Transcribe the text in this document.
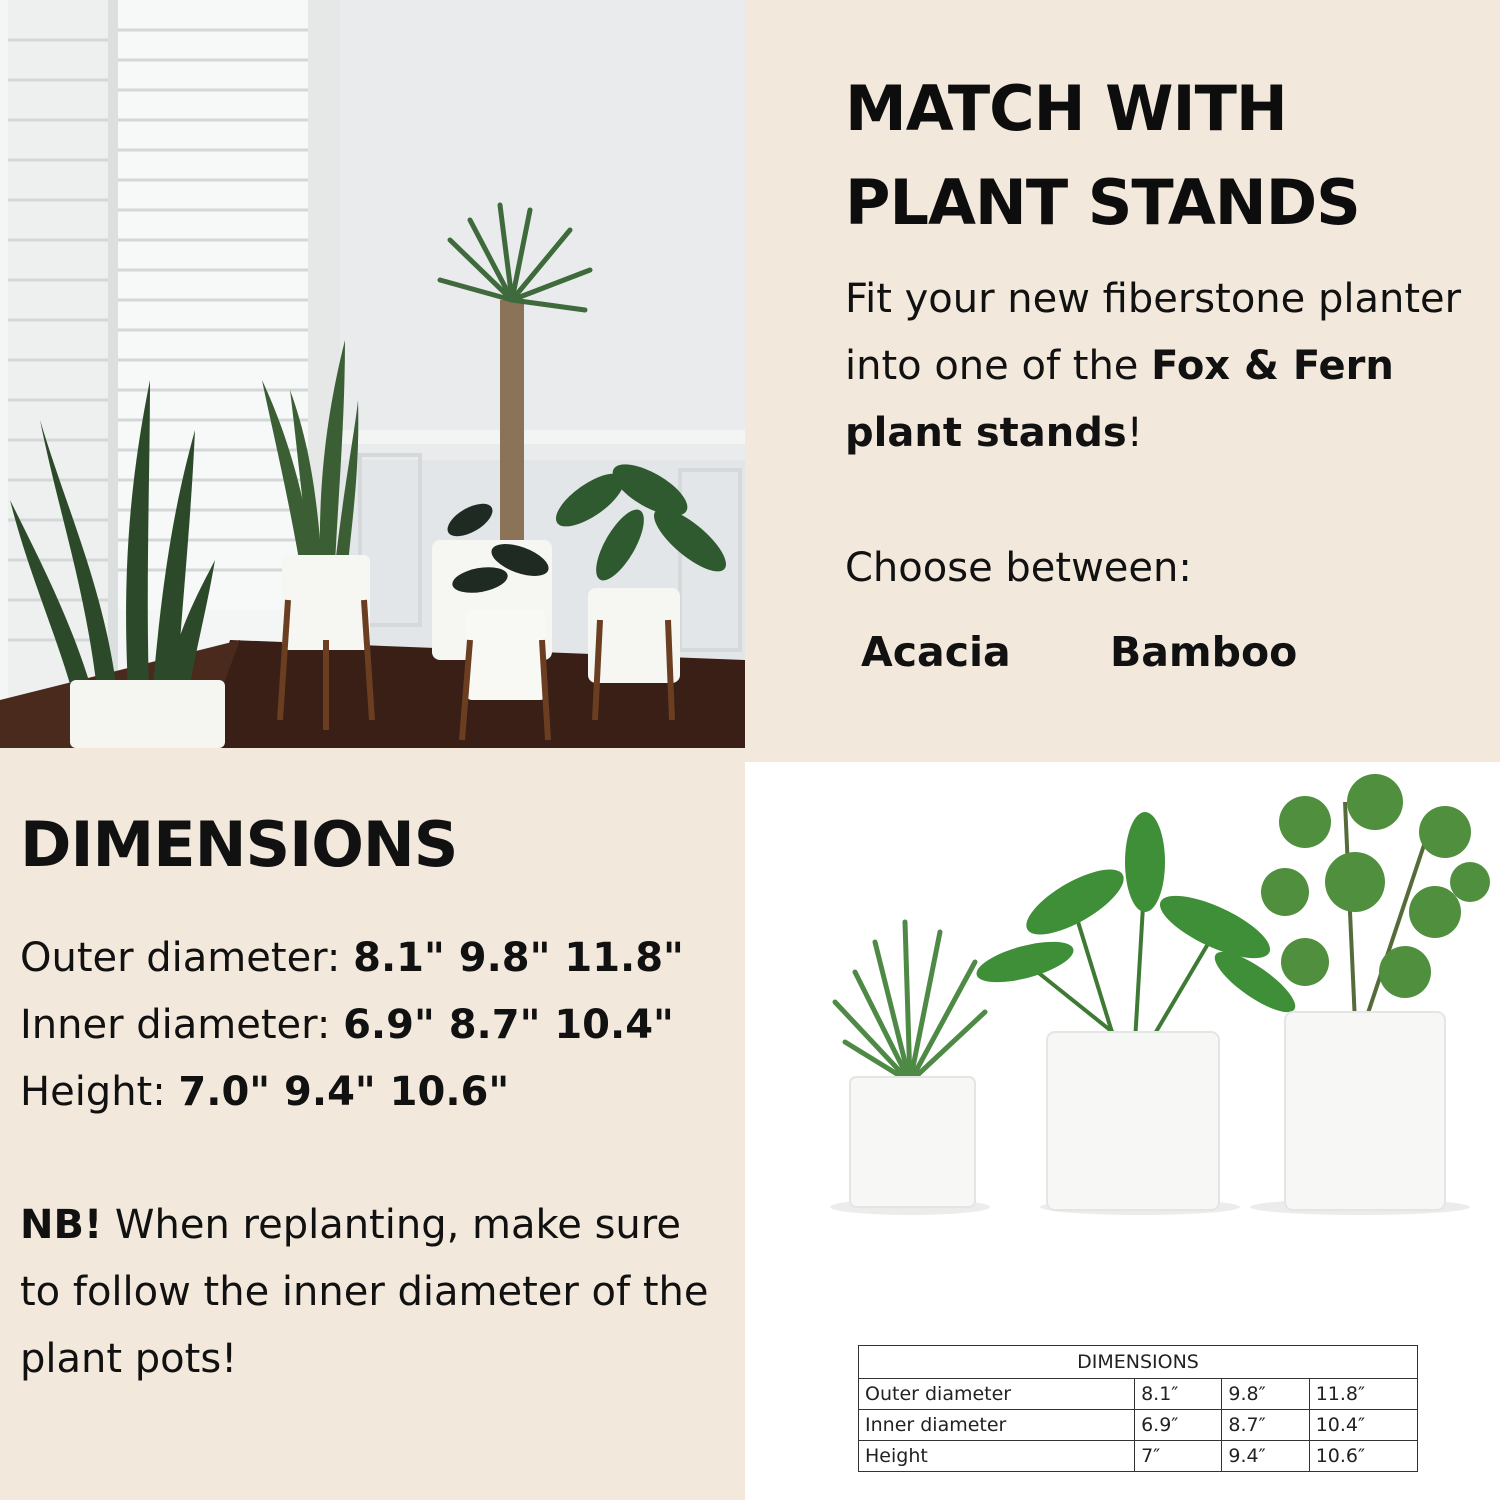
MATCH WITH
PLANT STANDS

Fit your new fiberstone planter into one of the Fox & Fern plant stands!

Choose between:

Acacia Bamboo

DIMENSIONS

Outer diameter: 8.1" 9.8" 11.8"

Inner diameter: 6.9" 8.7" 10.4"

Height: 7.0" 9.4" 10.6"

NB! When replanting, make sure to follow the inner diameter of the plant pots!	DIMENSIONS			
Outer diameter	8.1″	9.8″	11.8″
Inner diameter	6.9″	8.7″	10.4″
Height	7″	9.4″	10.6″
